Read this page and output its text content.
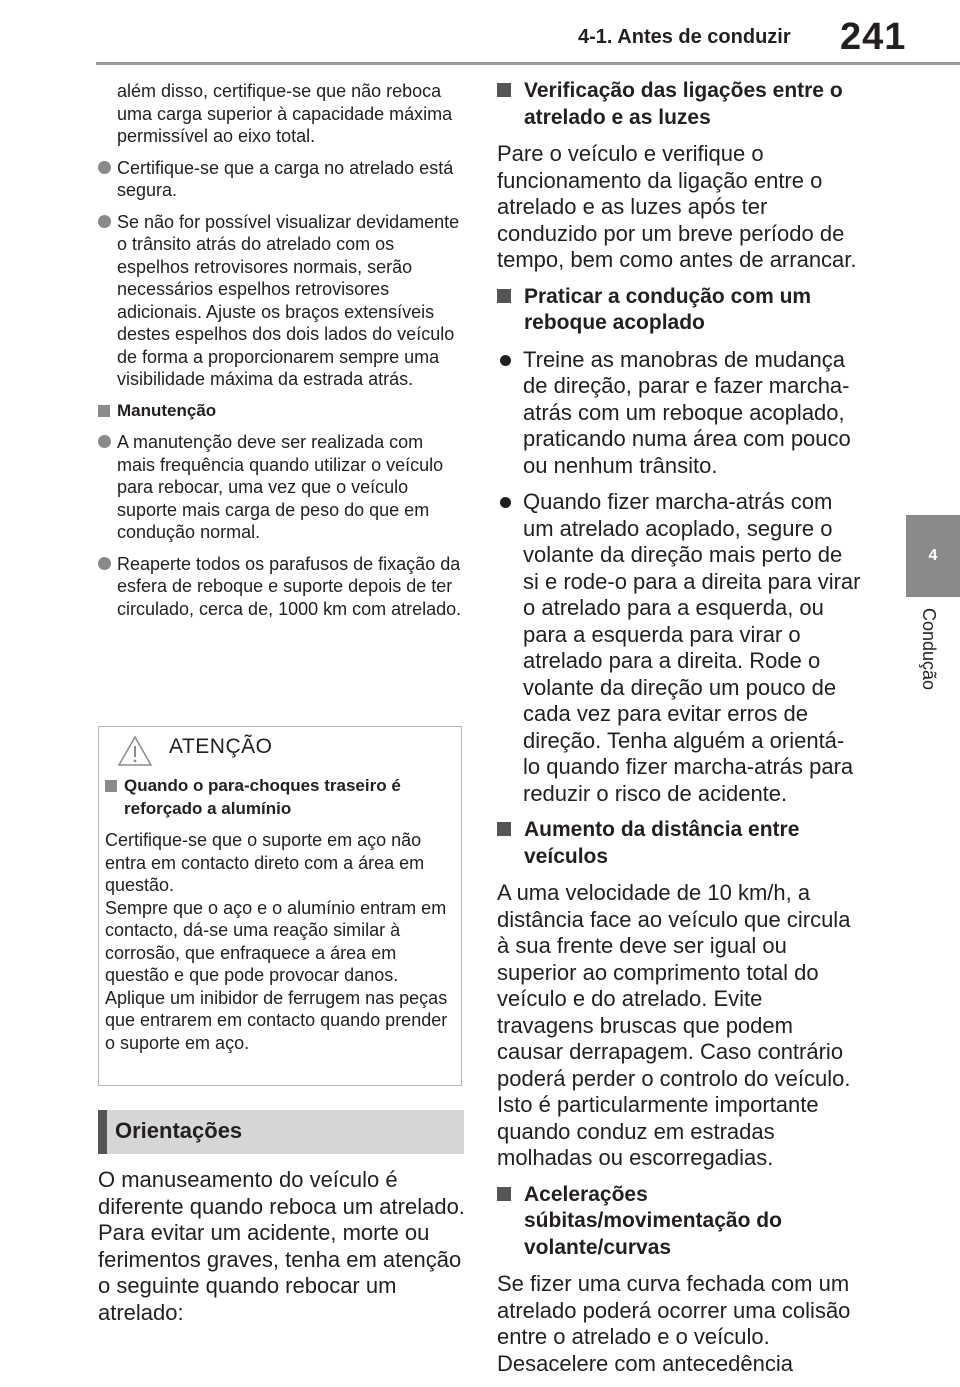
4-1. Antes de conduzir 241
4
Condução

além disso, certifique-se que não reboca uma carga superior à capacidade máxima permissível ao eixo total.

Certifique-se que a carga no atrelado está segura.
Se não for possível visualizar devidamente o trânsito atrás do atrelado com os espelhos retrovisores normais, serão necessários espelhos retrovisores adicionais. Ajuste os braços extensíveis destes espelhos dos dois lados do veículo de forma a proporcionarem sempre uma visibilidade máxima da estrada atrás.
Manutenção
A manutenção deve ser realizada com mais frequência quando utilizar o veículo para rebocar, uma vez que o veículo suporte mais carga de peso do que em condução normal.
Reaperte todos os parafusos de fixação da esfera de reboque e suporte depois de ter circulado, cerca de, 1000 km com atrelado.
ATENÇÃO
Quando o para-choques traseiro é reforçado a alumínio

Certifique-se que o suporte em aço não entra em contacto direto com a área em questão.

Sempre que o aço e o alumínio entram em contacto, dá-se uma reação similar à corrosão, que enfraquece a área em questão e que pode provocar danos. Aplique um inibidor de ferrugem nas peças que entrarem em contacto quando prender o suporte em aço.

Orientações

O manuseamento do veículo é diferente quando reboca um atrelado. Para evitar um acidente, morte ou ferimentos graves, tenha em atenção o seguinte quando rebocar um atrelado:

Verificação das ligações entre o atrelado e as luzes

Pare o veículo e verifique o funcionamento da ligação entre o atrelado e as luzes após ter conduzido por um breve período de tempo, bem como antes de arrancar.

Praticar a condução com um reboque acoplado
Treine as manobras de mudança de direção, parar e fazer marcha-atrás com um reboque acoplado, praticando numa área com pouco ou nenhum trânsito.
Quando fizer marcha-atrás com um atrelado acoplado, segure o volante da direção mais perto de si e rode-o para a direita para virar o atrelado para a esquerda, ou para a esquerda para virar o atrelado para a direita. Rode o volante da direção um pouco de cada vez para evitar erros de direção. Tenha alguém a orientá-lo quando fizer marcha-atrás para reduzir o risco de acidente.
Aumento da distância entre veículos

A uma velocidade de 10 km/h, a distância face ao veículo que circula à sua frente deve ser igual ou superior ao comprimento total do veículo e do atrelado. Evite travagens bruscas que podem causar derrapagem. Caso contrário poderá perder o controlo do veículo. Isto é particularmente importante quando conduz em estradas molhadas ou escorregadias.

Acelerações súbitas/movimentação do volante/curvas

Se fizer uma curva fechada com um atrelado poderá ocorrer uma colisão entre o atrelado e o veículo. Desacelere com antecedência
